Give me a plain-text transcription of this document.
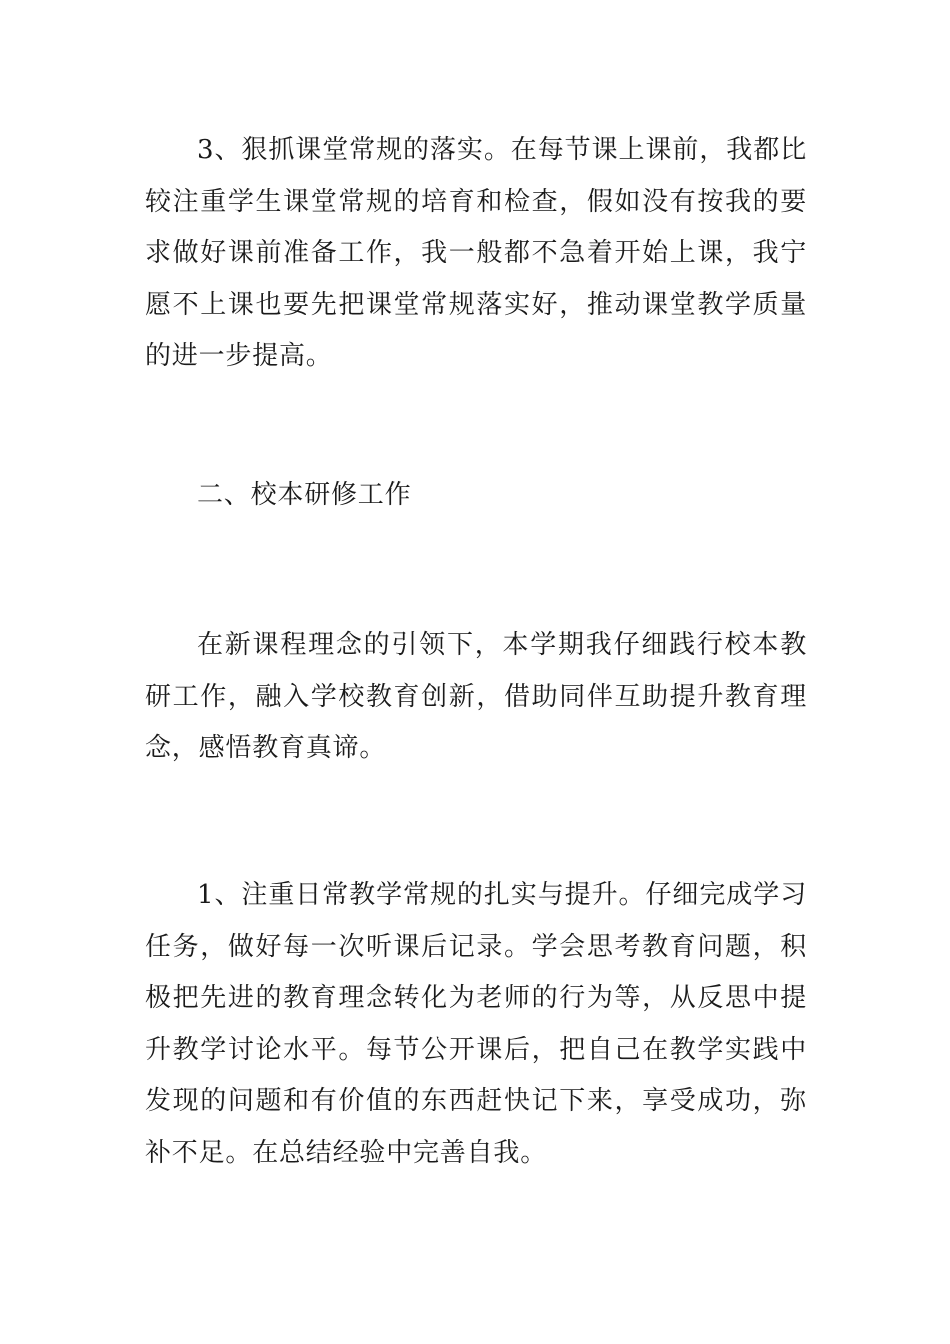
3、狠抓课堂常规的落实。在每节课上课前，我都比较注重学生课堂常规的培育和检查，假如没有按我的要求做好课前准备工作，我一般都不急着开始上课，我宁愿不上课也要先把课堂常规落实好，推动课堂教学质量的进一步提高。

二、校本研修工作

在新课程理念的引领下，本学期我仔细践行校本教研工作，融入学校教育创新，借助同伴互助提升教育理念，感悟教育真谛。

1、注重日常教学常规的扎实与提升。仔细完成学习任务，做好每一次听课后记录。学会思考教育问题，积极把先进的教育理念转化为老师的行为等，从反思中提升教学讨论水平。每节公开课后，把自己在教学实践中发现的问题和有价值的东西赶快记下来，享受成功，弥补不足。在总结经验中完善自我。
